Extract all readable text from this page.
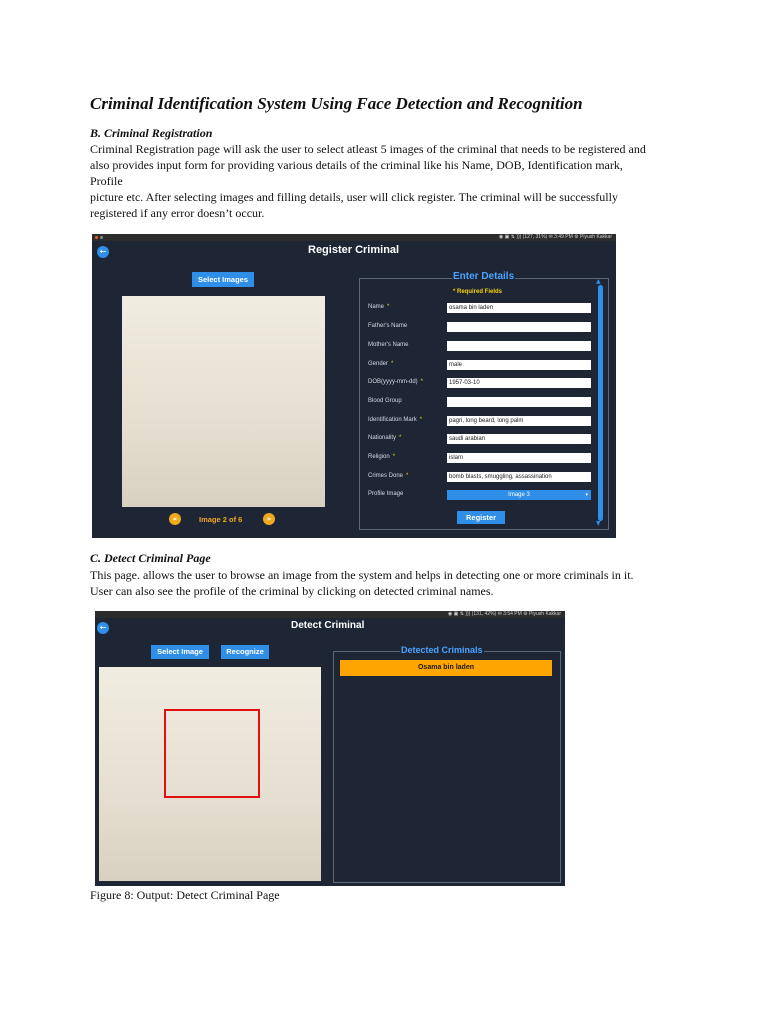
Criminal Identification System Using Face Detection and Recognition
B. Criminal Registration
Criminal Registration page will ask the user to select atleast 5 images of the criminal that needs to be registered and
also provides input form for providing various details of the criminal like his Name, DOB, Identification mark,
Profile
picture etc. After selecting images and filling details, user will click register. The criminal will be successfully
registered if any error doesn’t occur.
◉ ▣ ⇅ ))) (127, 31%) ✉ 3:49 PM ⚙ Piyush Kakkar
←	Register Criminal
Select Images
«	Image 2 of 6	»
Enter Details
* Required Fields
Name *	osama bin laden
Father's Name
Mother's Name
Gender *	male
DOB(yyyy-mm-dd) *	1957-03-10
Blood Group
Identification Mark *	pagri, long beard, long palm
Nationality *	saudi arabian
Religion *	islam
Crimes Done *	bomb blasts, smuggling, assassination
Profile Image	Image 3	▾
Register
▲
▼
C. Detect Criminal Page
This page. allows the user to browse an image from the system and helps in detecting one or more criminals in it.
User can also see the profile of the criminal by clicking on detected criminal names.
◉ ▣ ⇅ ))) (131, 42%) ✉ 3:54 PM ⚙ Piyush Kakkar
←	Detect Criminal
Select Image	Recognize	Detected Criminals
Osama bin laden
Figure 8: Output: Detect Criminal Page
